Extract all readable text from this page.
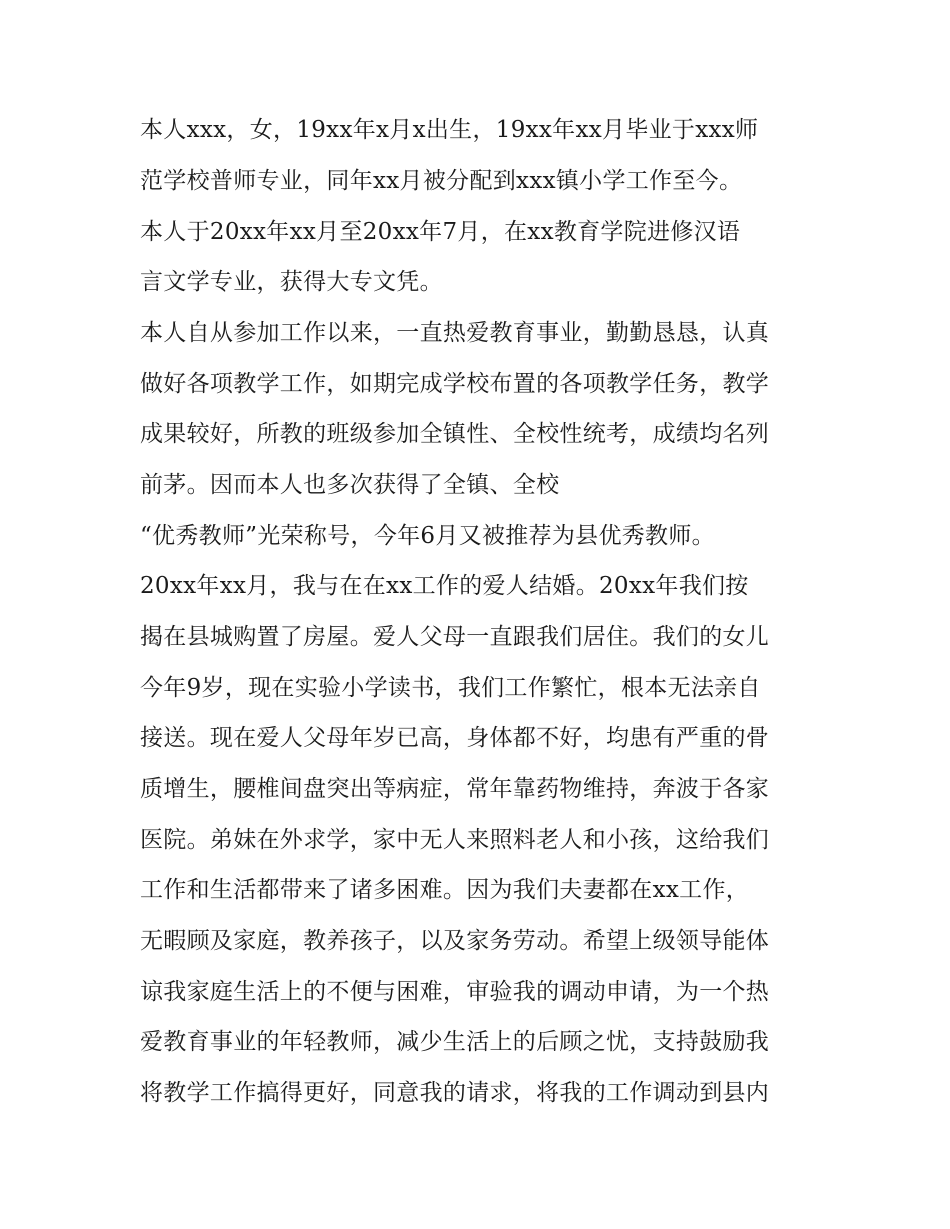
本人xxx，女，19xx年x月x出生，19xx年xx月毕业于xxx师
范学校普师专业，同年xx月被分配到xxx镇小学工作至今。
本人于20xx年xx月至20xx年7月，在xx教育学院进修汉语
言文学专业，获得大专文凭。
本人自从参加工作以来，一直热爱教育事业，勤勤恳恳，认真
做好各项教学工作，如期完成学校布置的各项教学任务，教学
成果较好，所教的班级参加全镇性、全校性统考，成绩均名列
前茅。因而本人也多次获得了全镇、全校
“优秀教师”光荣称号，今年6月又被推荐为县优秀教师。
20xx年xx月，我与在在xx工作的爱人结婚。20xx年我们按
揭在县城购置了房屋。爱人父母一直跟我们居住。我们的女儿
今年9岁，现在实验小学读书，我们工作繁忙，根本无法亲自
接送。现在爱人父母年岁已高，身体都不好，均患有严重的骨
质增生，腰椎间盘突出等病症，常年靠药物维持，奔波于各家
医院。弟妹在外求学，家中无人来照料老人和小孩，这给我们
工作和生活都带来了诸多困难。因为我们夫妻都在xx工作，
无暇顾及家庭，教养孩子，以及家务劳动。希望上级领导能体
谅我家庭生活上的不便与困难，审验我的调动申请，为一个热
爱教育事业的年轻教师，减少生活上的后顾之忧，支持鼓励我
将教学工作搞得更好，同意我的请求，将我的工作调动到县内
